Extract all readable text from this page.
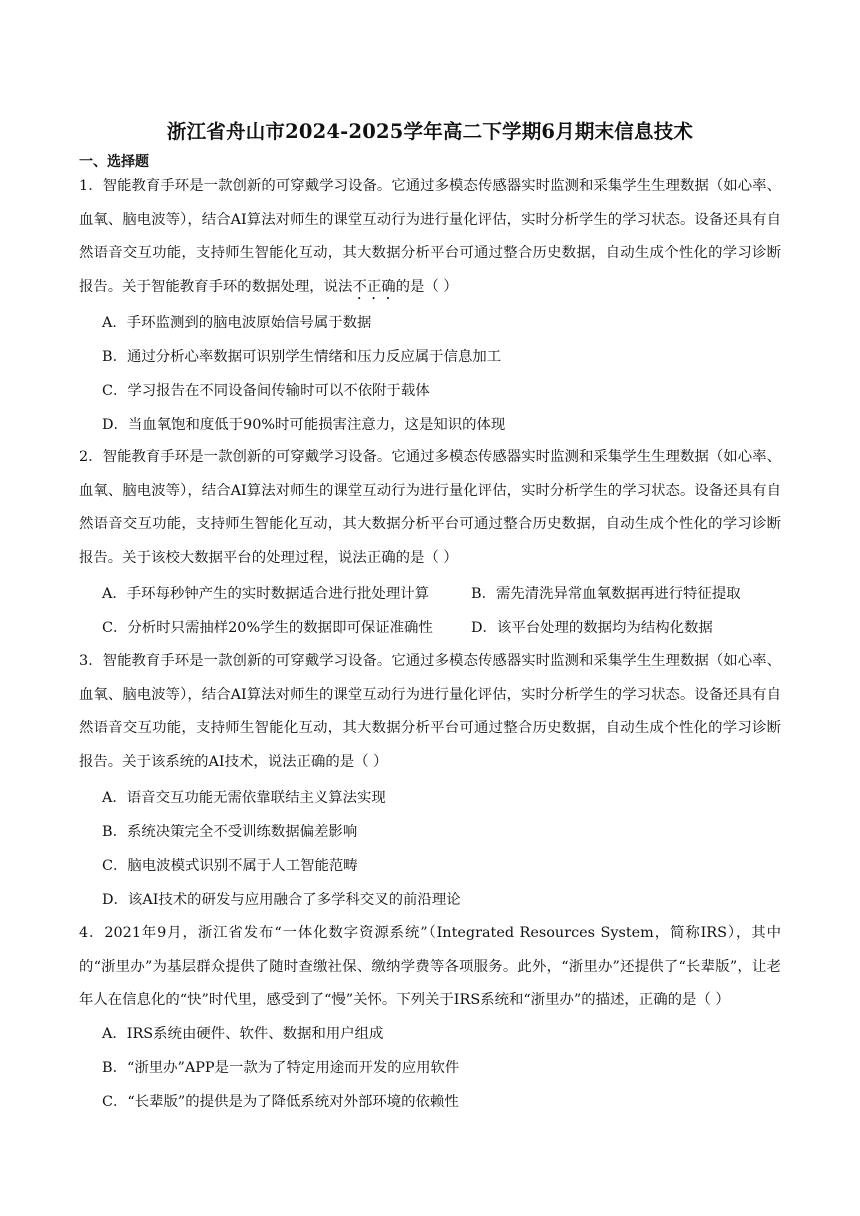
浙江省舟山市2024-2025学年高二下学期6月期末信息技术
一、选择题
1．智能教育手环是一款创新的可穿戴学习设备。它通过多模态传感器实时监测和采集学生生理数据（如心率、血氧、脑电波等），结合AI算法对师生的课堂互动行为进行量化评估，实时分析学生的学习状态。设备还具有自然语音交互功能，支持师生智能化互动，其大数据分析平台可通过整合历史数据，自动生成个性化的学习诊断报告。关于智能教育手环的数据处理，说法不正确的是（ ）
A．手环监测到的脑电波原始信号属于数据
B．通过分析心率数据可识别学生情绪和压力反应属于信息加工
C．学习报告在不同设备间传输时可以不依附于载体
D．当血氧饱和度低于90%时可能损害注意力，这是知识的体现
2．智能教育手环是一款创新的可穿戴学习设备。它通过多模态传感器实时监测和采集学生生理数据（如心率、血氧、脑电波等），结合AI算法对师生的课堂互动行为进行量化评估，实时分析学生的学习状态。设备还具有自然语音交互功能，支持师生智能化互动，其大数据分析平台可通过整合历史数据，自动生成个性化的学习诊断报告。关于该校大数据平台的处理过程，说法正确的是（ ）
A．手环每秒钟产生的实时数据适合进行批处理计算	B．需先清洗异常血氧数据再进行特征提取
C．分析时只需抽样20%学生的数据即可保证准确性	D．该平台处理的数据均为结构化数据
3．智能教育手环是一款创新的可穿戴学习设备。它通过多模态传感器实时监测和采集学生生理数据（如心率、血氧、脑电波等），结合AI算法对师生的课堂互动行为进行量化评估，实时分析学生的学习状态。设备还具有自然语音交互功能，支持师生智能化互动，其大数据分析平台可通过整合历史数据，自动生成个性化的学习诊断报告。关于该系统的AI技术，说法正确的是（ ）
A．语音交互功能无需依靠联结主义算法实现
B．系统决策完全不受训练数据偏差影响
C．脑电波模式识别不属于人工智能范畴
D．该AI技术的研发与应用融合了多学科交叉的前沿理论
4．2021年9月，浙江省发布“一体化数字资源系统”（Integrated Resources System，简称IRS），其中的“浙里办”为基层群众提供了随时查缴社保、缴纳学费等各项服务。此外，“浙里办”还提供了“长辈版”，让老年人在信息化的“快”时代里，感受到了“慢”关怀。下列关于IRS系统和“浙里办”的描述，正确的是（ ）
A．IRS系统由硬件、软件、数据和用户组成
B．“浙里办”APP是一款为了特定用途而开发的应用软件
C．“长辈版”的提供是为了降低系统对外部环境的依赖性
